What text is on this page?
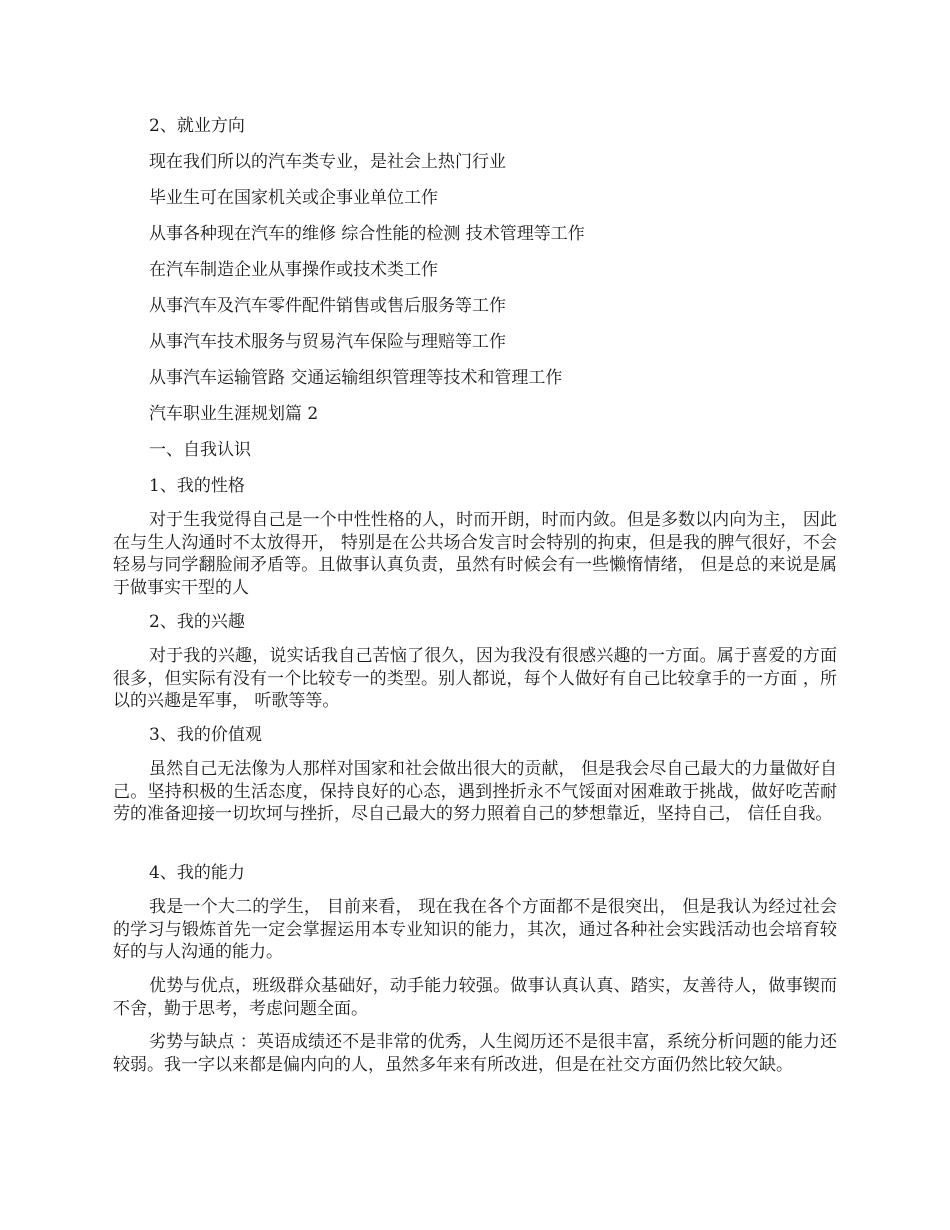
2、就业方向

现在我们所以的汽车类专业，是社会上热门行业

毕业生可在国家机关或企事业单位工作

从事各种现在汽车的维修 综合性能的检测 技术管理等工作

在汽车制造企业从事操作或技术类工作

从事汽车及汽车零件配件销售或售后服务等工作

从事汽车技术服务与贸易汽车保险与理赔等工作

从事汽车运输管路 交通运输组织管理等技术和管理工作

汽车职业生涯规划篇 2

一、自我认识

1、我的性格

对于生我觉得自己是一个中性性格的人，时而开朗，时而内敛。但是多数以内向为主， 因此在与生人沟通时不太放得开， 特别是在公共场合发言时会特别的拘束，但是我的脾气很好，不会轻易与同学翻脸闹矛盾等。且做事认真负责，虽然有时候会有一些懒惰情绪， 但是总的来说是属于做事实干型的人

2、我的兴趣

对于我的兴趣，说实话我自己苦恼了很久，因为我没有很感兴趣的一方面。属于喜爱的方面很多，但实际有没有一个比较专一的类型。别人都说，每个人做好有自己比较拿手的一方面 ，所以的兴趣是军事， 听歌等等。

3、我的价值观

虽然自己无法像为人那样对国家和社会做出很大的贡献， 但是我会尽自己最大的力量做好自己。坚持积极的生活态度，保持良好的心态，遇到挫折永不气馁面对困难敢于挑战，做好吃苦耐劳的准备迎接一切坎坷与挫折，尽自己最大的努力照着自己的梦想靠近，坚持自己， 信任自我。

4、我的能力

我是一个大二的学生， 目前来看， 现在我在各个方面都不是很突出， 但是我认为经过社会的学习与锻炼首先一定会掌握运用本专业知识的能力，其次，通过各种社会实践活动也会培育较好的与人沟通的能力。

优势与优点，班级群众基础好，动手能力较强。做事认真认真、踏实，友善待人，做事锲而不舍，勤于思考，考虑问题全面。

劣势与缺点 ：英语成绩还不是非常的优秀，人生阅历还不是很丰富，系统分析问题的能力还较弱。我一字以来都是偏内向的人，虽然多年来有所改进，但是在社交方面仍然比较欠缺。
